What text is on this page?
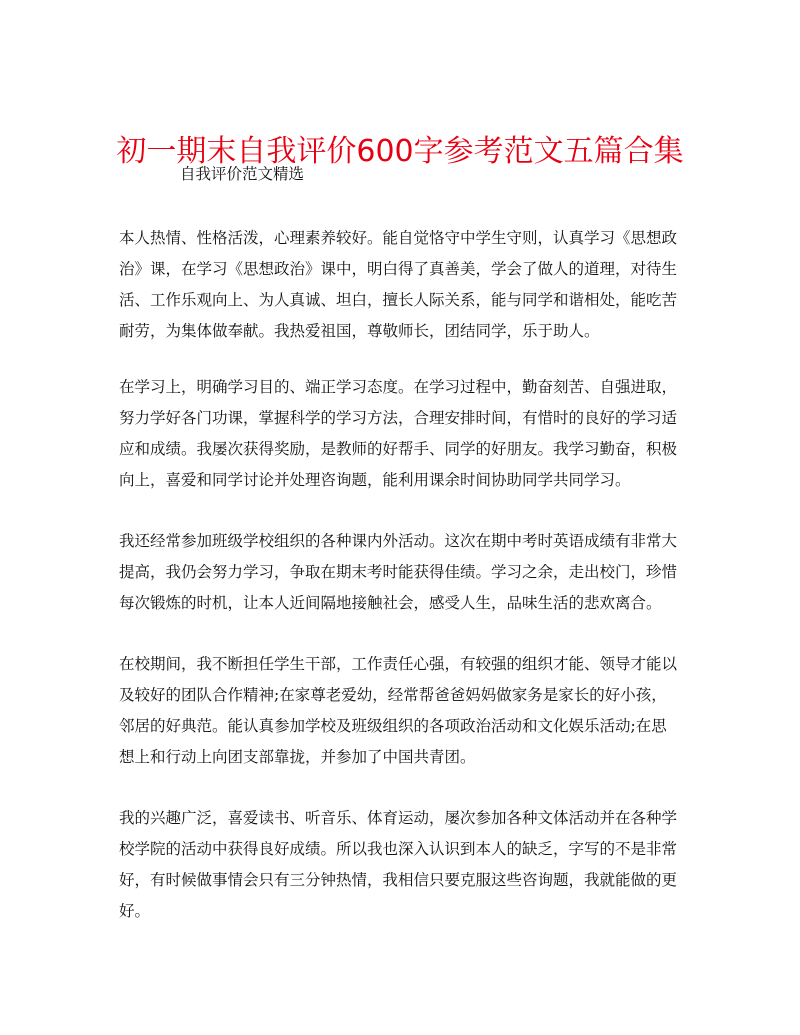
初一期末自我评价600字参考范文五篇合集
自我评价范文精选

本人热情、性格活泼，心理素养较好。能自觉恪守中学生守则，认真学习《思想政
治》课，在学习《思想政治》课中，明白得了真善美，学会了做人的道理，对待生
活、工作乐观向上、为人真诚、坦白，擅长人际关系，能与同学和谐相处，能吃苦
耐劳，为集体做奉献。我热爱祖国，尊敬师长，团结同学，乐于助人。

在学习上，明确学习目的、端正学习态度。在学习过程中，勤奋刻苦、自强进取，
努力学好各门功课，掌握科学的学习方法，合理安排时间，有惜时的良好的学习适
应和成绩。我屡次获得奖励，是教师的好帮手、同学的好朋友。我学习勤奋，积极
向上，喜爱和同学讨论并处理咨询题，能利用课余时间协助同学共同学习。

我还经常参加班级学校组织的各种课内外活动。这次在期中考时英语成绩有非常大
提高，我仍会努力学习，争取在期末考时能获得佳绩。学习之余，走出校门，珍惜
每次锻炼的时机，让本人近间隔地接触社会，感受人生，品味生活的悲欢离合。

在校期间，我不断担任学生干部，工作责任心强，有较强的组织才能、领导才能以
及较好的团队合作精神;在家尊老爱幼，经常帮爸爸妈妈做家务是家长的好小孩，
邻居的好典范。能认真参加学校及班级组织的各项政治活动和文化娱乐活动;在思
想上和行动上向团支部靠拢，并参加了中国共青团。

我的兴趣广泛，喜爱读书、听音乐、体育运动，屡次参加各种文体活动并在各种学
校学院的活动中获得良好成绩。所以我也深入认识到本人的缺乏，字写的不是非常
好，有时候做事情会只有三分钟热情，我相信只要克服这些咨询题，我就能做的更
好。
